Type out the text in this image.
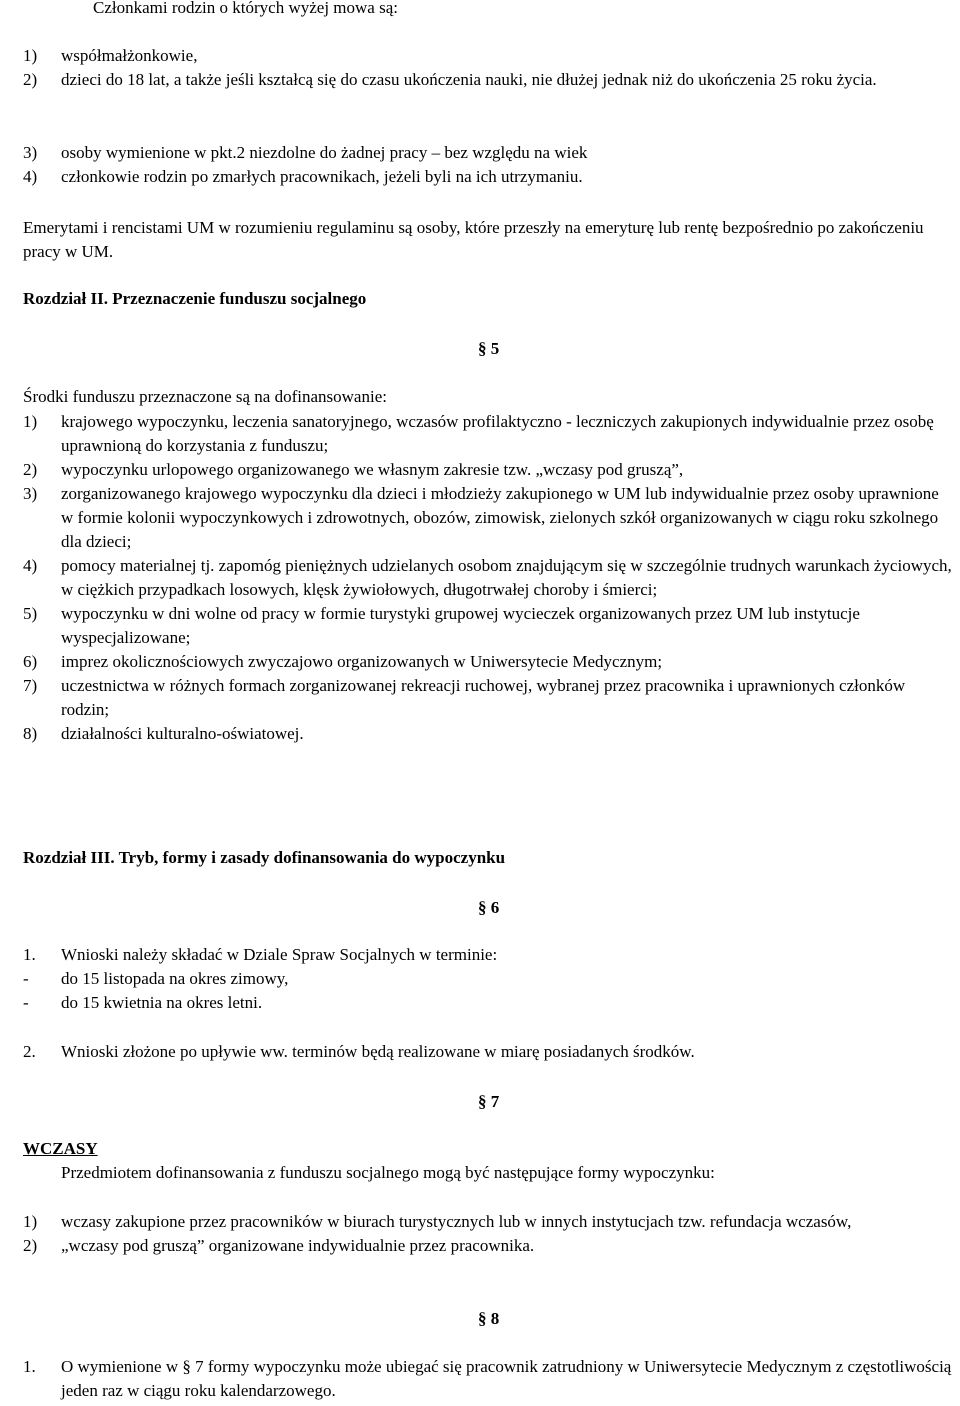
Członkami rodzin o których wyżej mowa są:
1) współmałżonkowie,
2) dzieci do 18 lat, a także jeśli kształcą się do czasu ukończenia nauki, nie dłużej jednak niż do ukończenia 25 roku życia.
3) osoby wymienione w pkt.2 niezdolne do żadnej pracy – bez względu na wiek
4) członkowie rodzin po zmarłych pracownikach, jeżeli byli na ich utrzymaniu.
Emerytami i rencistami UM w rozumieniu regulaminu są osoby, które przeszły na emeryturę lub rentę bezpośrednio po zakończeniu pracy w UM.
Rozdział II. Przeznaczenie funduszu socjalnego
§ 5
Środki funduszu przeznaczone są na dofinansowanie:
1) krajowego wypoczynku, leczenia sanatoryjnego, wczasów profilaktyczno - leczniczych zakupionych indywidualnie przez osobę uprawnioną do korzystania z funduszu;
2) wypoczynku urlopowego organizowanego we własnym zakresie tzw. „wczasy pod gruszą”,
3) zorganizowanego krajowego wypoczynku dla dzieci i młodzieży zakupionego w UM lub indywidualnie przez osoby uprawnione w formie kolonii wypoczynkowych i zdrowotnych, obozów, zimowisk, zielonych szkół organizowanych w ciągu roku szkolnego dla dzieci;
4) pomocy materialnej tj. zapomóg pieniężnych udzielanych osobom znajdującym się w szczególnie trudnych warunkach życiowych, w ciężkich przypadkach losowych, klęsk żywiołowych, długotrwałej choroby i śmierci;
5) wypoczynku w dni wolne od pracy w formie turystyki grupowej wycieczek organizowanych przez UM lub instytucje wyspecjalizowane;
6) imprez okolicznościowych zwyczajowo organizowanych w Uniwersytecie Medycznym;
7) uczestnictwa w różnych formach zorganizowanej rekreacji ruchowej, wybranej przez pracownika i uprawnionych członków rodzin;
8) działalności kulturalno-oświatowej.
Rozdział III. Tryb, formy i zasady dofinansowania do wypoczynku
§ 6
1. Wnioski należy składać w Dziale Spraw Socjalnych w terminie:
- do 15 listopada na okres zimowy,
- do 15 kwietnia na okres letni.
2. Wnioski złożone po upływie ww. terminów będą realizowane w miarę posiadanych środków.
§ 7
WCZASY
Przedmiotem dofinansowania z funduszu socjalnego mogą być następujące formy wypoczynku:
1) wczasy zakupione przez pracowników w biurach turystycznych lub w innych instytucjach tzw. refundacja wczasów,
2) „wczasy pod gruszą” organizowane indywidualnie przez pracownika.
§ 8
1. O wymienione w § 7 formy wypoczynku może ubiegać się pracownik zatrudniony w Uniwersytecie Medycznym z częstotliwością jeden raz w ciągu roku kalendarzowego.
